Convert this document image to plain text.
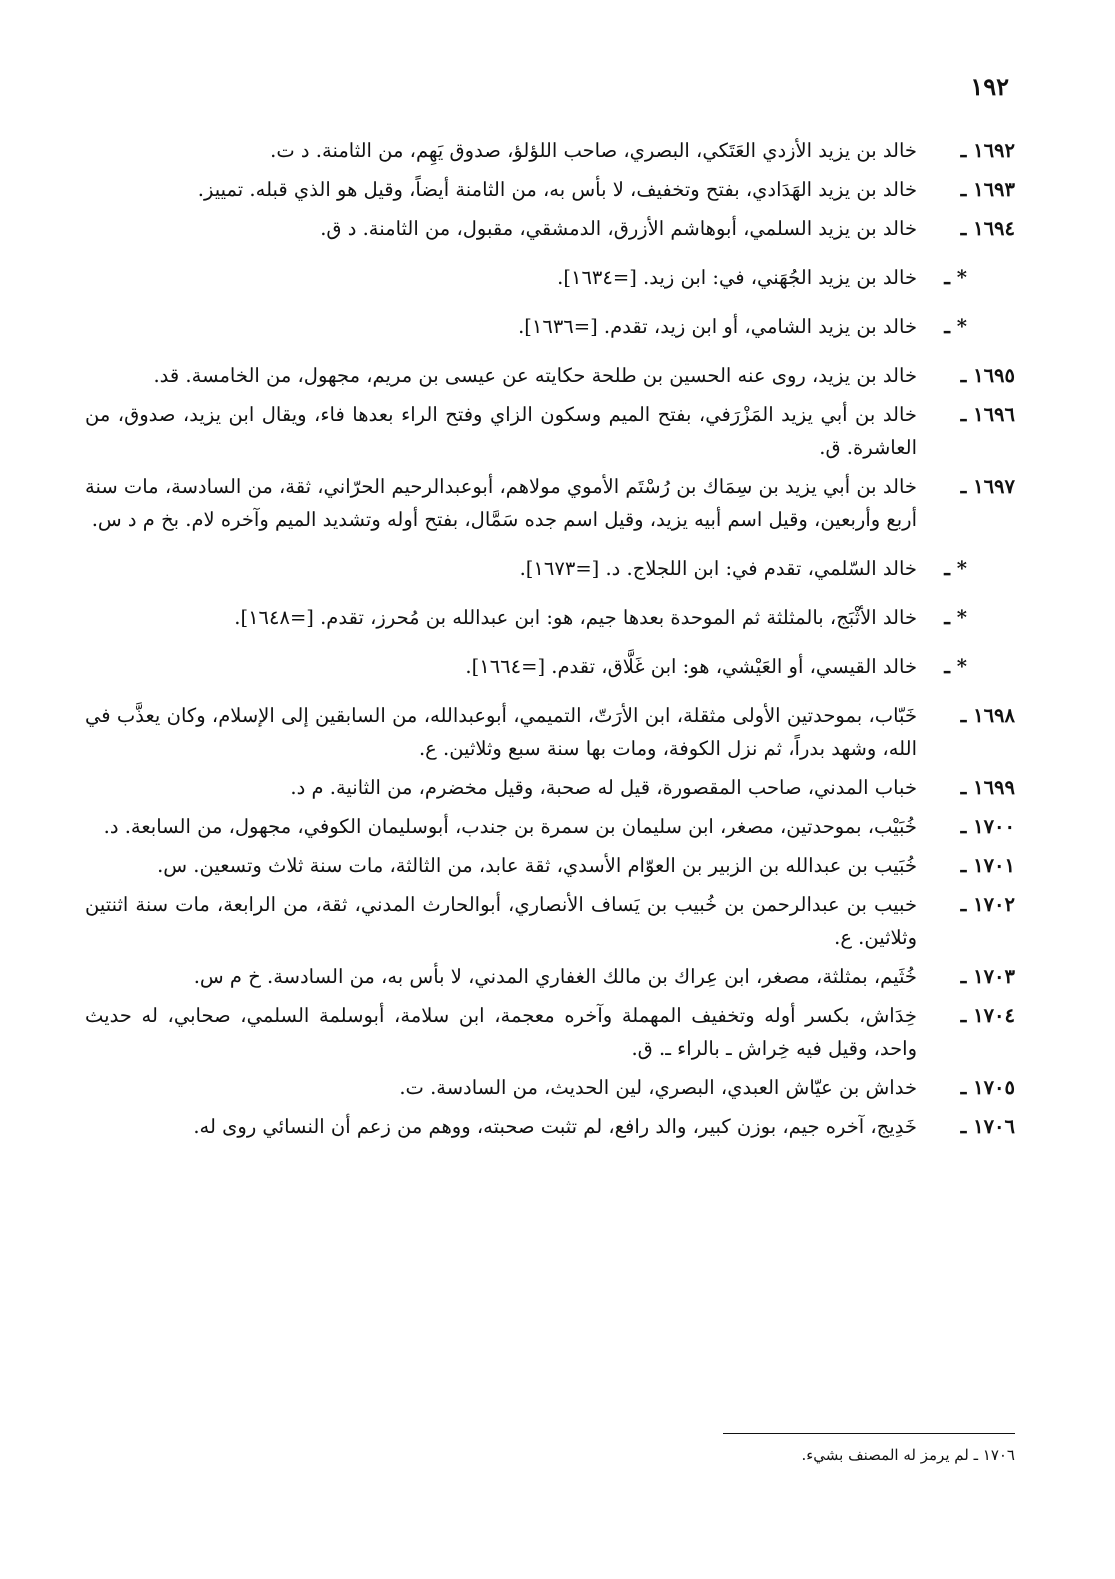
١٩٢
١٦٩٢ ـ
خالد بن يزيد الأزدي العَتَكي، البصري، صاحب اللؤلؤ، صدوق يَهِم، من الثامنة. د ت.
١٦٩٣ ـ
خالد بن يزيد الهَدَادي، بفتح وتخفيف، لا بأس به، من الثامنة أيضاً، وقيل هو الذي قبله. تمييز.
١٦٩٤ ـ
خالد بن يزيد السلمي، أبوهاشم الأزرق، الدمشقي، مقبول، من الثامنة. د ق.
* ـ
خالد بن يزيد الجُهَني، في: ابن زيد. [=١٦٣٤].
* ـ
خالد بن يزيد الشامي، أو ابن زيد، تقدم. [=١٦٣٦].
١٦٩٥ ـ
خالد بن يزيد، روى عنه الحسين بن طلحة حكايته عن عيسى بن مريم، مجهول، من الخامسة. قد.
١٦٩٦ ـ
خالد بن أبي يزيد المَزْرَفي، بفتح الميم وسكون الزاي وفتح الراء بعدها فاء، ويقال ابن يزيد، صدوق، من العاشرة. ق.
١٦٩٧ ـ
خالد بن أبي يزيد بن سِمَاك بن رُسْتَم الأموي مولاهم، أبوعبدالرحيم الحرّاني، ثقة، من السادسة، مات سنة أربع وأربعين، وقيل اسم أبيه يزيد، وقيل اسم جده سَمَّال، بفتح أوله وتشديد الميم وآخره لام. بخ م د س.
* ـ
خالد السّلمي، تقدم في: ابن اللجلاج. د. [=١٦٧٣].
* ـ
خالد الأثْبَج، بالمثلثة ثم الموحدة بعدها جيم، هو: ابن عبدالله بن مُحرز، تقدم. [=١٦٤٨].
* ـ
خالد القيسي، أو العَيْشي، هو: ابن غَلَّاق، تقدم. [=١٦٦٤].
١٦٩٨ ـ
خَبّاب، بموحدتين الأولى مثقلة، ابن الأرَتّ، التميمي، أبوعبدالله، من السابقين إلى الإسلام، وكان يعذَّب في الله، وشهد بدراً، ثم نزل الكوفة، ومات بها سنة سبع وثلاثين. ع.
١٦٩٩ ـ
خباب المدني، صاحب المقصورة، قيل له صحبة، وقيل مخضرم، من الثانية. م د.
١٧٠٠ ـ
خُبَيْب، بموحدتين، مصغر، ابن سليمان بن سمرة بن جندب، أبوسليمان الكوفي، مجهول، من السابعة. د.
١٧٠١ ـ
خُبَيب بن عبدالله بن الزبير بن العوّام الأسدي، ثقة عابد، من الثالثة، مات سنة ثلاث وتسعين. س.
١٧٠٢ ـ
خبيب بن عبدالرحمن بن خُبيب بن يَساف الأنصاري، أبوالحارث المدني، ثقة، من الرابعة، مات سنة اثنتين وثلاثين. ع.
١٧٠٣ ـ
خُثَيم، بمثلثة، مصغر، ابن عِراك بن مالك الغفاري المدني، لا بأس به، من السادسة. خ م س.
١٧٠٤ ـ
خِدَاش، بكسر أوله وتخفيف المهملة وآخره معجمة، ابن سلامة، أبوسلمة السلمي، صحابي، له حديث واحد، وقيل فيه خِراش ـ بالراء ـ. ق.
١٧٠٥ ـ
خداش بن عيّاش العبدي، البصري، لين الحديث، من السادسة. ت.
١٧٠٦ ـ
خَدِيج، آخره جيم، بوزن كبير، والد رافع، لم تثبت صحبته، ووهم من زعم أن النسائي روى له.
١٧٠٦ ـ لم يرمز له المصنف بشيء.
